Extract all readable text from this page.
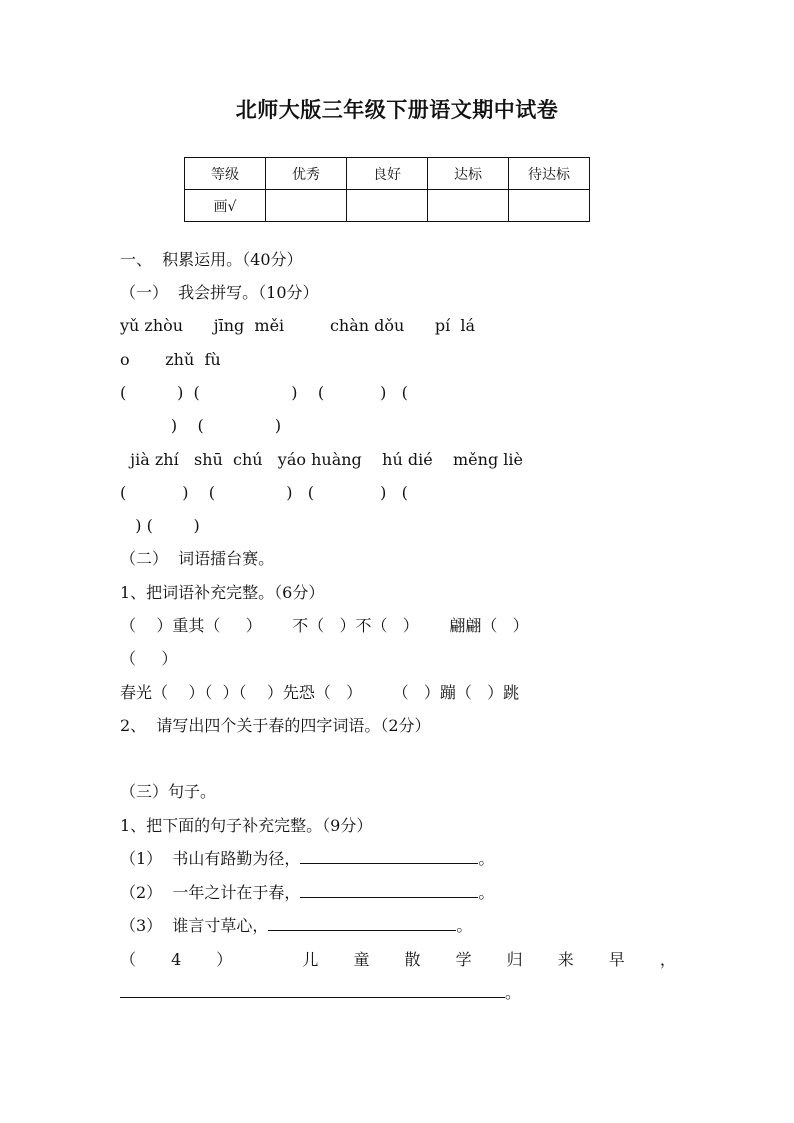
北师大版三年级下册语文期中试卷
等级	优秀	良好	达标	待达标
画√				
一、  积累运用。（40分）
（一）  我会拼写。（10分）
yǔ zhòu      jīng  měi         chàn dǒu      pí  lá
o       zhǔ  fù
(          )  (                  )    (           )   (
)    (              )
jià zhí   shū  chú   yáo huàng    hú dié    měng liè
(           )    (              )   (             )   (
) (        )
（二）  词语擂台赛。
1、把词语补充完整。（6分）
（    ）重其（     ）      不（   ）不（   ）      翩翩（   ）
（     ）
春光（    ）（  ）（    ）先恐（   ）      （   ）蹦（   ）跳
2、  请写出四个关于春的四字词语。（2分）
（三）句子。
1、把下面的句子补充完整。（9分）
（1）  书山有路勤为径，	。
（2）  一年之计在于春，	。
（3）  谁言寸草心，	。
（ 4 ）	儿 童 散 学 归 来 早 ，
。
